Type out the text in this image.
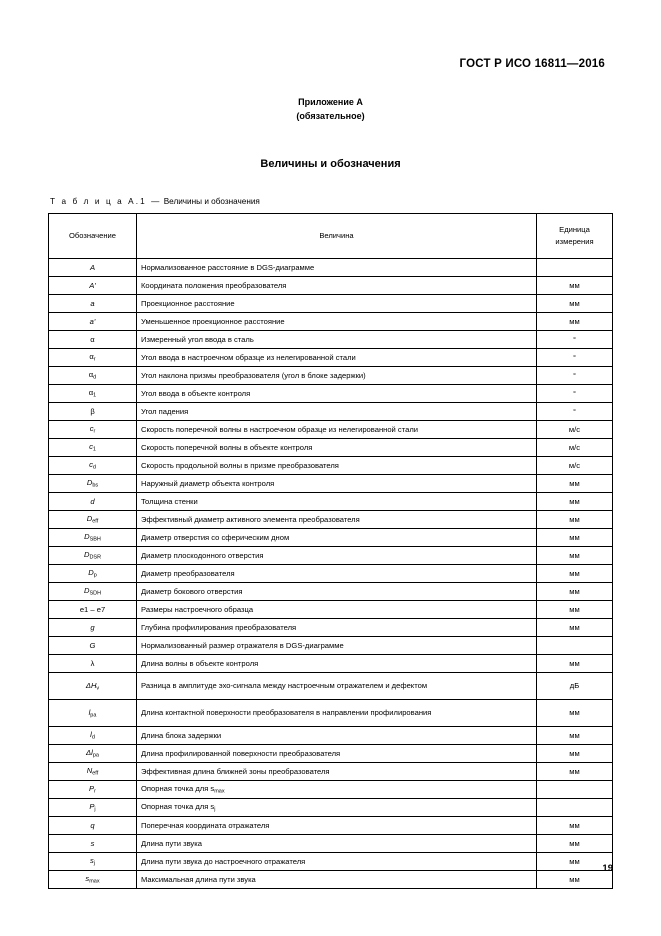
ГОСТ Р ИСО 16811—2016
Приложение А
(обязательное)
Величины и обозначения
Т а б л и ц а А.1 — Величины и обозначения
Обозначение	Величина	Единица
измерения
A	Нормализованное расстояние в DGS-диаграмме	
A'	Координата положения преобразователя	мм
a	Проекционное расстояние	мм
a'	Уменьшенное проекционное расстояние	мм
α	Измеренный угол ввода в сталь	°
$\alpha_r$	Угол ввода в настроечном образце из нелегированной стали	°
$\alpha_d$	Угол наклона призмы преобразователя (угол в блоке задержки)	°
$\alpha_1$	Угол ввода в объекте контроля	°
β	Угол падения	°
$c_r$	Скорость поперечной волны в настроечном образце из нелегированной стали	м/с
$c_1$	Скорость поперечной волны в объекте контроля	м/с
$c_d$	Скорость продольной волны в призме преобразователя	м/с
$D_{bs}$	Наружный диаметр объекта контроля	мм
d	Толщина стенки	мм
$D_{eff}$	Эффективный диаметр активного элемента преобразователя	мм
$D_{SBH}$	Диаметр отверстия со сферическим дном	мм
$D_{DSR}$	Диаметр плоскодонного отверстия	мм
$D_p$	Диаметр преобразователя	мм
$D_{SDH}$	Диаметр бокового отверстия	мм
e1 – e7	Размеры настроечного образца	мм
g	Глубина профилирования преобразователя	мм
G	Нормализованный размер отражателя в DGS-диаграмме	
λ	Длина волны в объекте контроля	мм
$\Delta H_v$	Разница в амплитуде эхо-сигнала между настроечным отражателем и дефектом	дБ
$l_{pa}$	Длина контактной поверхности преобразователя в направлении профилирования	мм
$l_d$	Длина блока задержки	мм
$\Delta l_{pa}$	Длина профилированной поверхности преобразователя	мм
$N_{eff}$	Эффективная длина ближней зоны преобразователя	мм
$P_r$	Опорная точка для $s_{max}$	
$P_j$	Опорная точка для $s_j$	
q	Поперечная координата отражателя	мм
s	Длина пути звука	мм
$s_j$	Длина пути звука до настроечного отражателя	мм
$s_{max}$	Максимальная длина пути звука	мм
19
